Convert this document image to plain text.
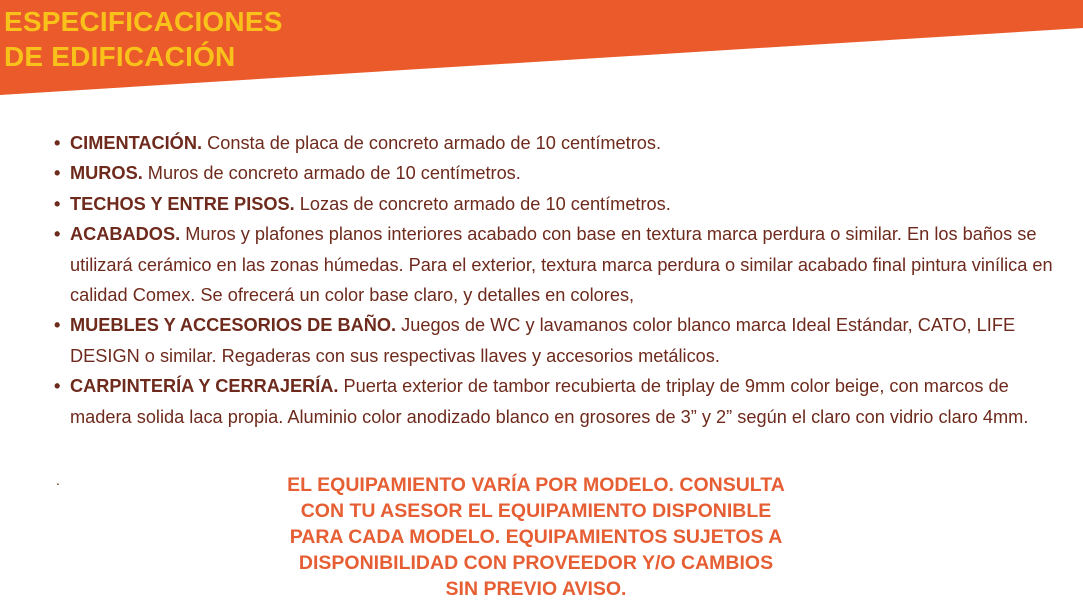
ESPECIFICACIONES
DE EDIFICACIÓN
• CIMENTACIÓN. Consta de placa de concreto armado de 10 centímetros.
• MUROS. Muros de concreto armado de 10 centímetros.
• TECHOS Y ENTRE PISOS. Lozas de concreto armado de 10 centímetros.
• ACABADOS. Muros y plafones planos interiores acabado con base en textura marca perdura o similar. En los baños se utilizará cerámico en las zonas húmedas. Para el exterior, textura marca perdura o similar acabado final pintura vinílica en calidad Comex. Se ofrecerá un color base claro, y detalles en colores,
• MUEBLES Y ACCESORIOS DE BAÑO. Juegos de WC y lavamanos color blanco marca Ideal Estándar, CATO, LIFE DESIGN o similar. Regaderas con sus respectivas llaves y accesorios metálicos.
• CARPINTERÍA Y CERRAJERÍA. Puerta exterior de tambor recubierta de triplay de 9mm color beige, con marcos de madera solida laca propia. Aluminio color anodizado blanco en grosores de 3” y 2” según el claro con vidrio claro 4mm.
.	EL EQUIPAMIENTO VARÍA POR MODELO. CONSULTA
CON TU ASESOR EL EQUIPAMIENTO DISPONIBLE
PARA CADA MODELO. EQUIPAMIENTOS SUJETOS A
DISPONIBILIDAD CON PROVEEDOR Y/O CAMBIOS
SIN PREVIO AVISO.
